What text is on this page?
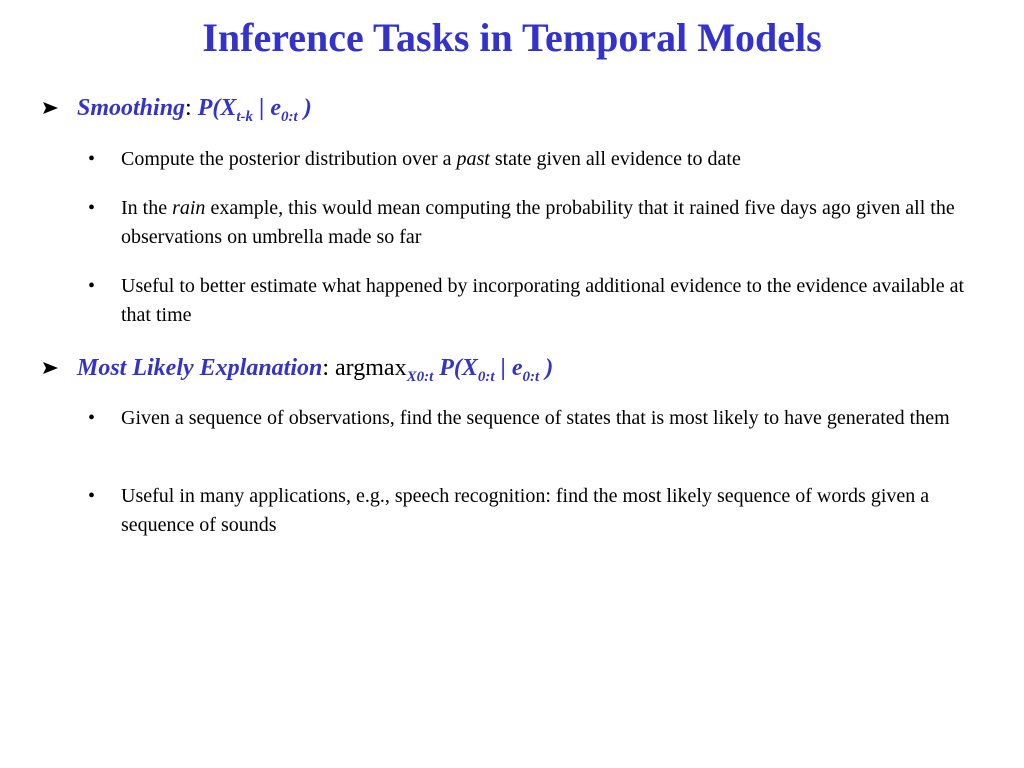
Inference Tasks in Temporal Models
Smoothing: $P(X_{t-k}$ | $e_{0:t}$ )
• Compute the posterior distribution over a past state given all evidence to date
• In the rain example, this would mean computing the probability that it rained five days ago given all the observations on umbrella made so far
• Useful to better estimate what happened by incorporating additional evidence to the evidence available at that time
Most Likely Explanation: argmax$_{X0:t}$ $P(X_{0:t}$ | $e_{0:t}$ )
• Given a sequence of observations, find the sequence of states that is most likely to have generated them
• Useful in many applications, e.g., speech recognition: find the most likely sequence of words given a sequence of sounds
